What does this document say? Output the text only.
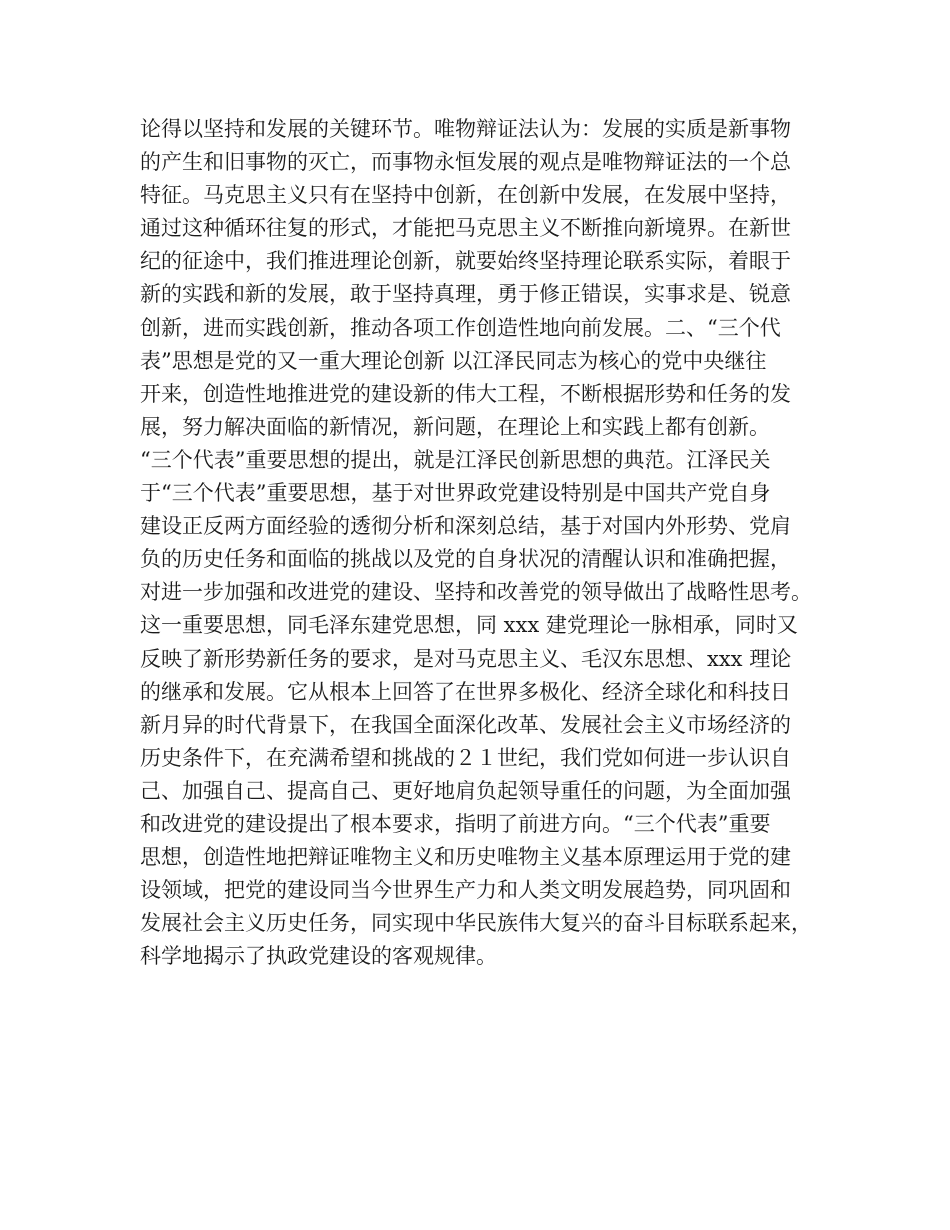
论得以坚持和发展的关键环节。唯物辩证法认为：发展的实质是新事物
的产生和旧事物的灭亡，而事物永恒发展的观点是唯物辩证法的一个总
特征。马克思主义只有在坚持中创新，在创新中发展，在发展中坚持，
通过这种循环往复的形式，才能把马克思主义不断推向新境界。在新世
纪的征途中，我们推进理论创新，就要始终坚持理论联系实际，着眼于
新的实践和新的发展，敢于坚持真理，勇于修正错误，实事求是、锐意
创新，进而实践创新，推动各项工作创造性地向前发展。二、“三个代
表”思想是党的又一重大理论创新 以江泽民同志为核心的党中央继往
开来，创造性地推进党的建设新的伟大工程，不断根据形势和任务的发
展，努力解决面临的新情况，新问题，在理论上和实践上都有创新。
“三个代表”重要思想的提出，就是江泽民创新思想的典范。江泽民关
于“三个代表”重要思想，基于对世界政党建设特别是中国共产党自身
建设正反两方面经验的透彻分析和深刻总结，基于对国内外形势、党肩
负的历史任务和面临的挑战以及党的自身状况的清醒认识和准确把握，
对进一步加强和改进党的建设、坚持和改善党的领导做出了战略性思考。
这一重要思想，同毛泽东建党思想，同 xxx 建党理论一脉相承，同时又
反映了新形势新任务的要求，是对马克思主义、毛汉东思想、xxx 理论
的继承和发展。它从根本上回答了在世界多极化、经济全球化和科技日
新月异的时代背景下，在我国全面深化改革、发展社会主义市场经济的
历史条件下，在充满希望和挑战的２１世纪，我们党如何进一步认识自
己、加强自己、提高自己、更好地肩负起领导重任的问题，为全面加强
和改进党的建设提出了根本要求，指明了前进方向。“三个代表”重要
思想，创造性地把辩证唯物主义和历史唯物主义基本原理运用于党的建
设领域，把党的建设同当今世界生产力和人类文明发展趋势，同巩固和
发展社会主义历史任务，同实现中华民族伟大复兴的奋斗目标联系起来，
科学地揭示了执政党建设的客观规律。
